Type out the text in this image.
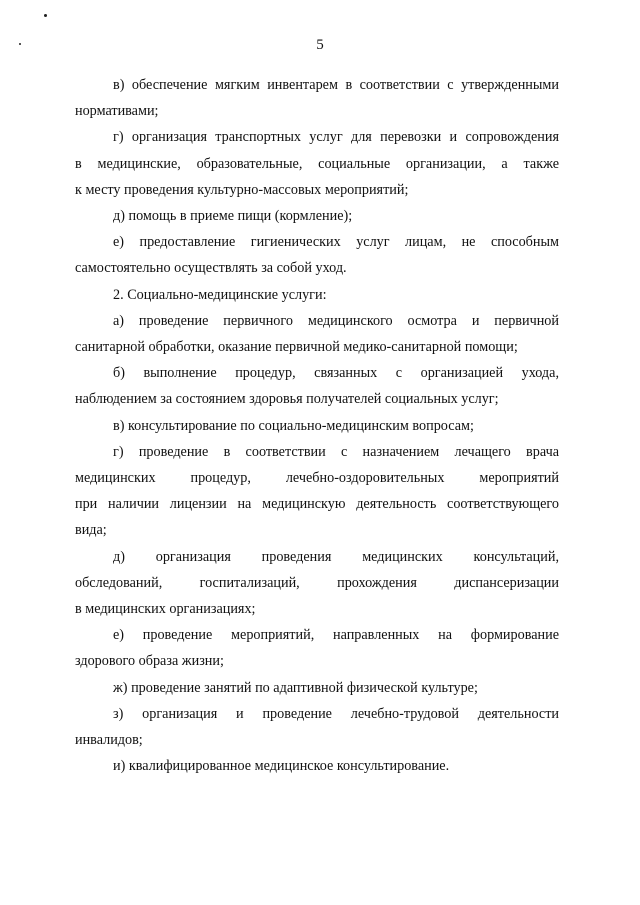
5
в) обеспечение мягким инвентарем в соответствии с утвержденными
нормативами;
г) организация транспортных услуг для перевозки и сопровождения
в медицинские, образовательные, социальные организации, а также
к месту проведения культурно-массовых мероприятий;
д) помощь в приеме пищи (кормление);
е) предоставление гигиенических услуг лицам, не способным
самостоятельно осуществлять за собой уход.
2. Социально-медицинские услуги:
а) проведение первичного медицинского осмотра и первичной
санитарной обработки, оказание первичной медико-санитарной помощи;
б) выполнение процедур, связанных с организацией ухода,
наблюдением за состоянием здоровья получателей социальных услуг;
в) консультирование по социально-медицинским вопросам;
г) проведение в соответствии с назначением лечащего врача
медицинских процедур, лечебно-оздоровительных мероприятий
при наличии лицензии на медицинскую деятельность соответствующего
вида;
д) организация проведения медицинских консультаций,
обследований, госпитализаций, прохождения диспансеризации
в медицинских организациях;
е) проведение мероприятий, направленных на формирование
здорового образа жизни;
ж) проведение занятий по адаптивной физической культуре;
з) организация и проведение лечебно-трудовой деятельности
инвалидов;
и) квалифицированное медицинское консультирование.
